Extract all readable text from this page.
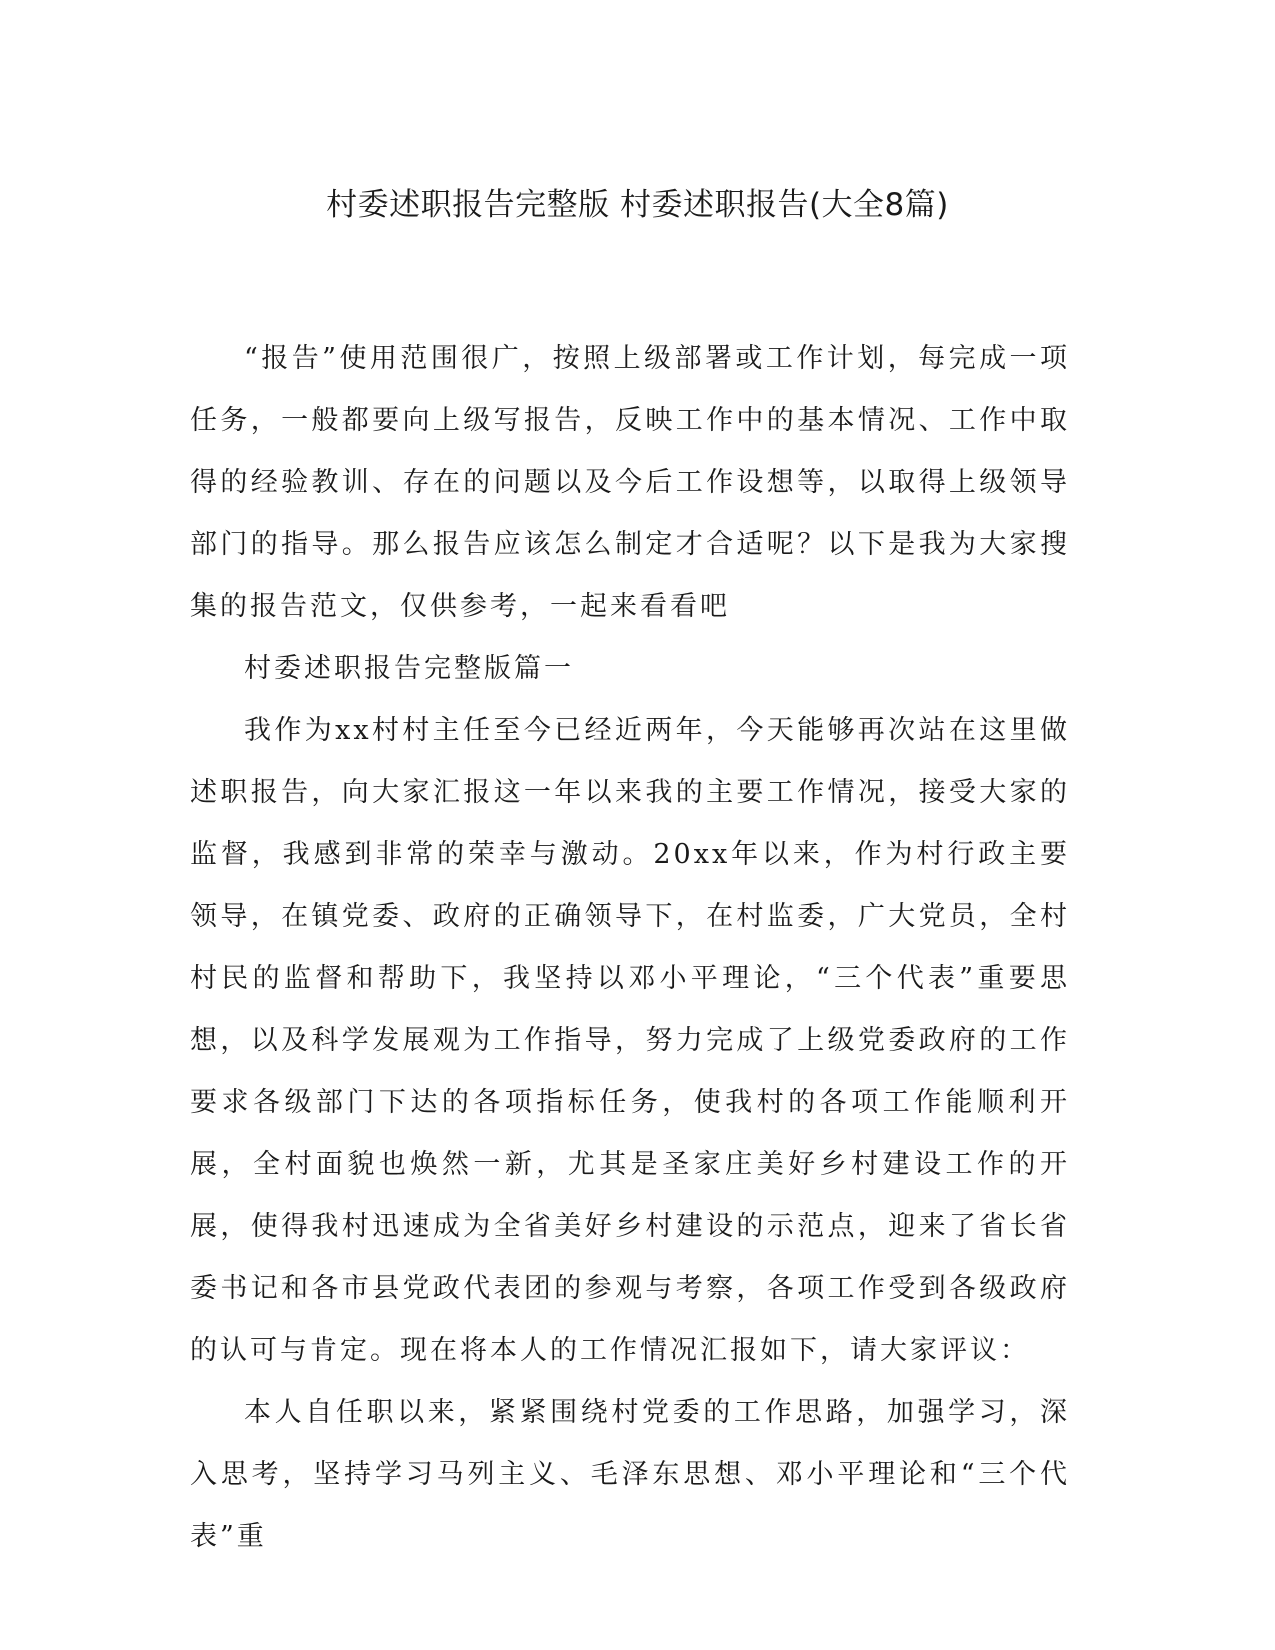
村委述职报告完整版 村委述职报告(大全8篇)

“报告”使用范围很广，按照上级部署或工作计划，每完成一项任务，一般都要向上级写报告，反映工作中的基本情况、工作中取得的经验教训、存在的问题以及今后工作设想等，以取得上级领导部门的指导。那么报告应该怎么制定才合适呢？以下是我为大家搜集的报告范文，仅供参考，一起来看看吧

村委述职报告完整版篇一

我作为xx村村主任至今已经近两年，今天能够再次站在这里做述职报告，向大家汇报这一年以来我的主要工作情况，接受大家的监督，我感到非常的荣幸与激动。20xx年以来，作为村行政主要领导，在镇党委、政府的正确领导下，在村监委，广大党员，全村村民的监督和帮助下，我坚持以邓小平理论，“三个代表”重要思想，以及科学发展观为工作指导，努力完成了上级党委政府的工作要求各级部门下达的各项指标任务，使我村的各项工作能顺利开展，全村面貌也焕然一新，尤其是圣家庄美好乡村建设工作的开展，使得我村迅速成为全省美好乡村建设的示范点，迎来了省长省委书记和各市县党政代表团的参观与考察，各项工作受到各级政府的认可与肯定。现在将本人的工作情况汇报如下，请大家评议：

本人自任职以来，紧紧围绕村党委的工作思路，加强学习，深入思考，坚持学习马列主义、毛泽东思想、邓小平理论和“三个代表”重
